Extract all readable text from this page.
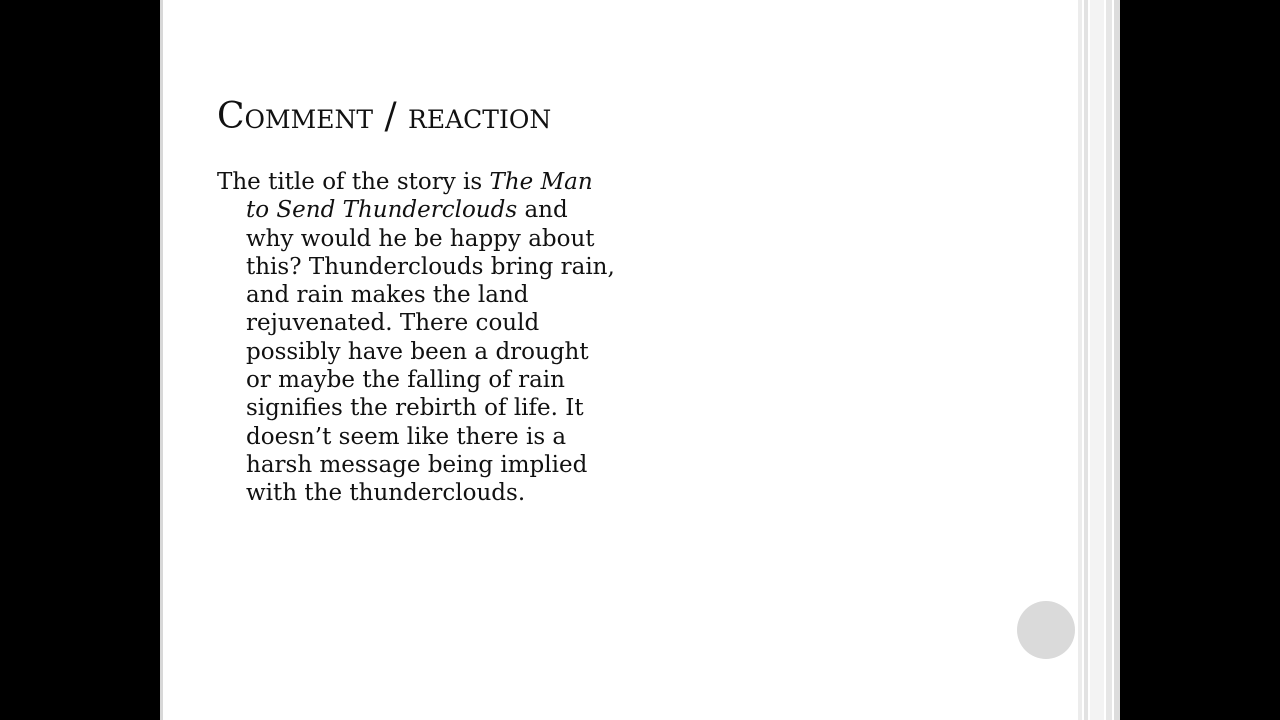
Comment / reaction

The title of the story is The Man to Send Thunderclouds and why would he be happy about this? Thunderclouds bring rain, and rain makes the land rejuvenated. There could possibly have been a drought or maybe the falling of rain signifies the rebirth of life. It doesn’t seem like there is a harsh message being implied with the thunderclouds.
